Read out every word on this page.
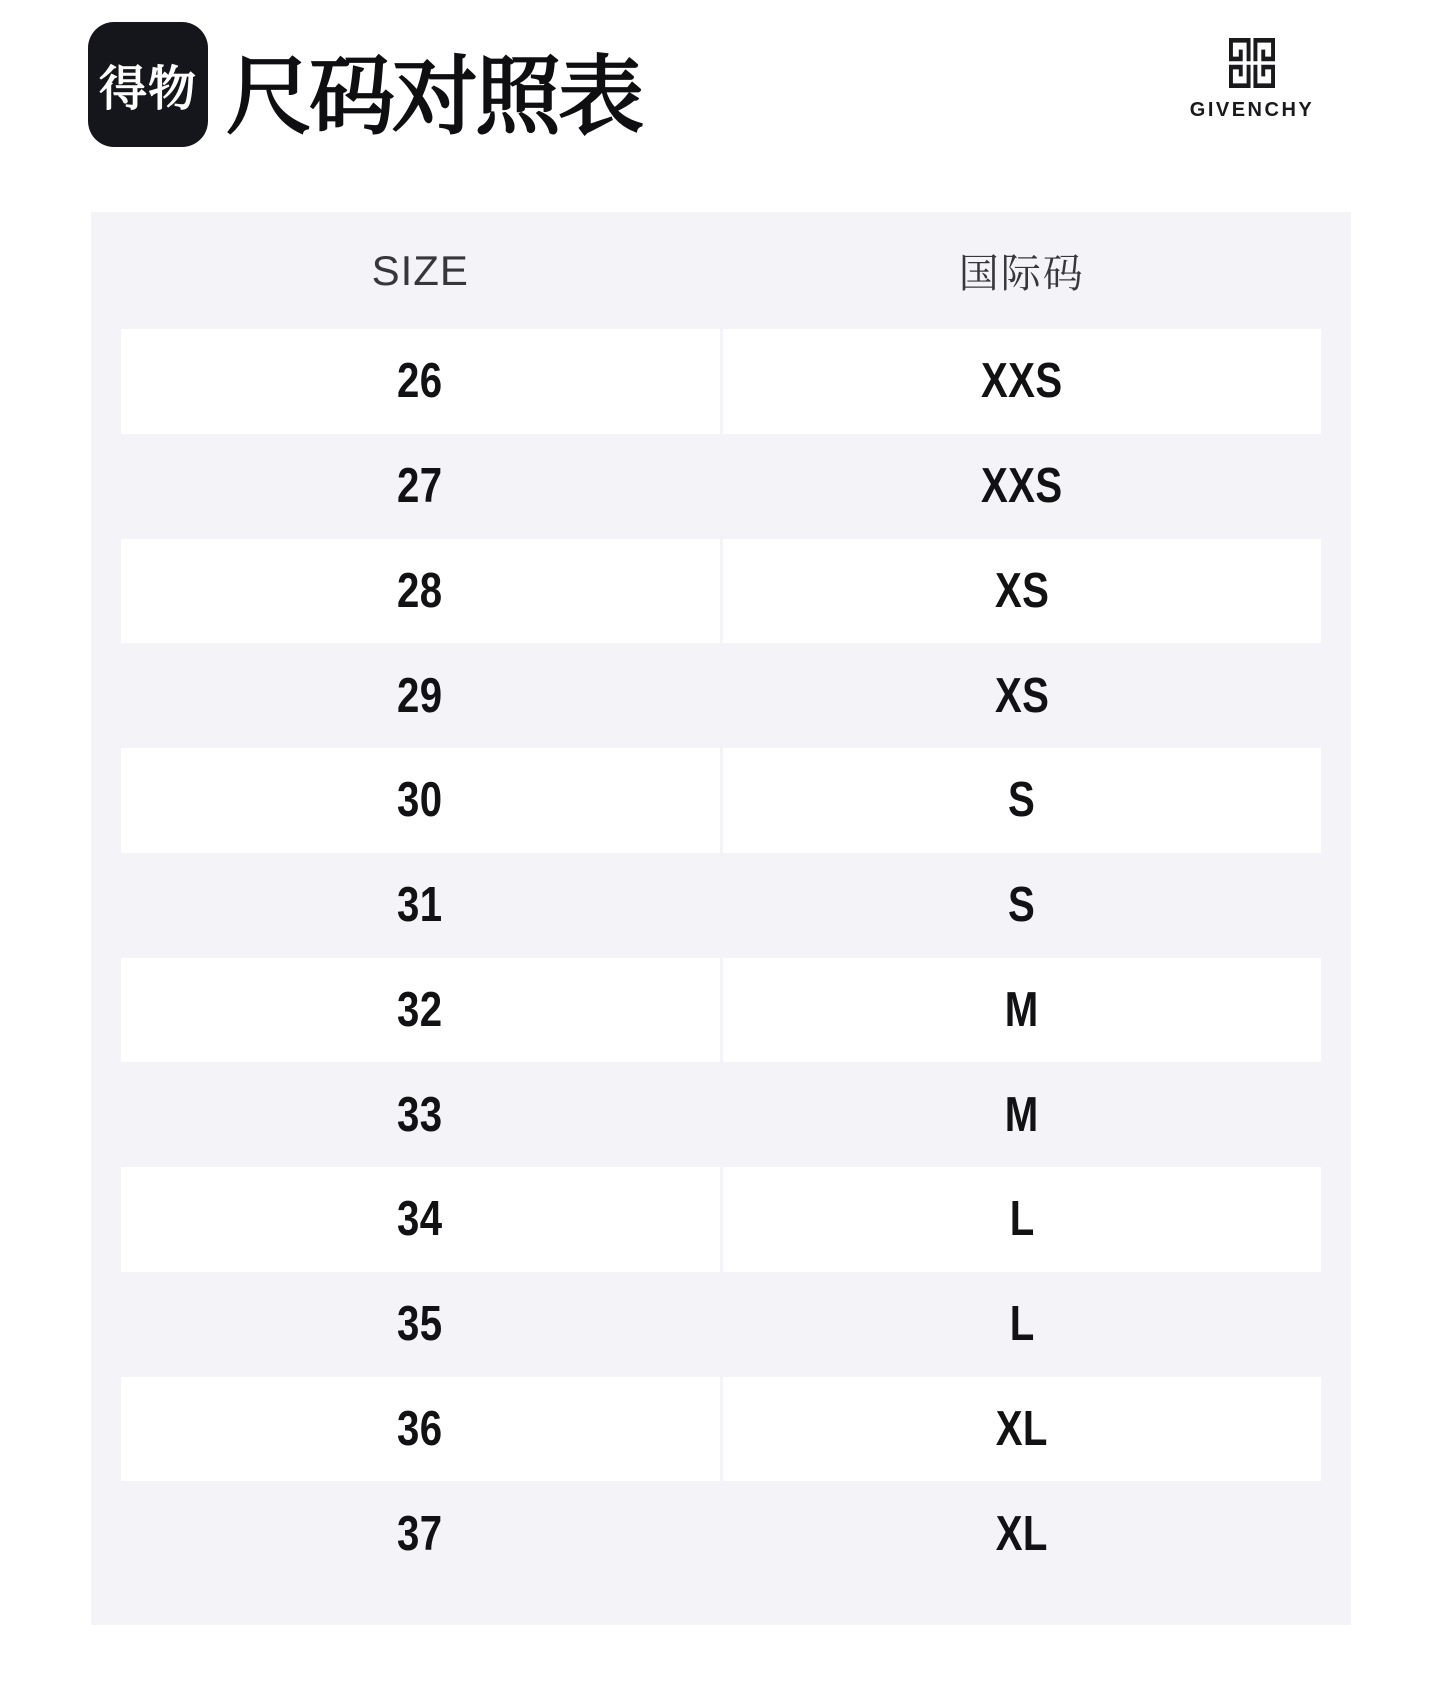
得物 尺码对照表	GIVENCHY
SIZE	国际码
26	XXS
27	XXS
28	XS
29	XS
30	S
31	S
32	M
33	M
34	L
35	L
36	XL
37	XL
